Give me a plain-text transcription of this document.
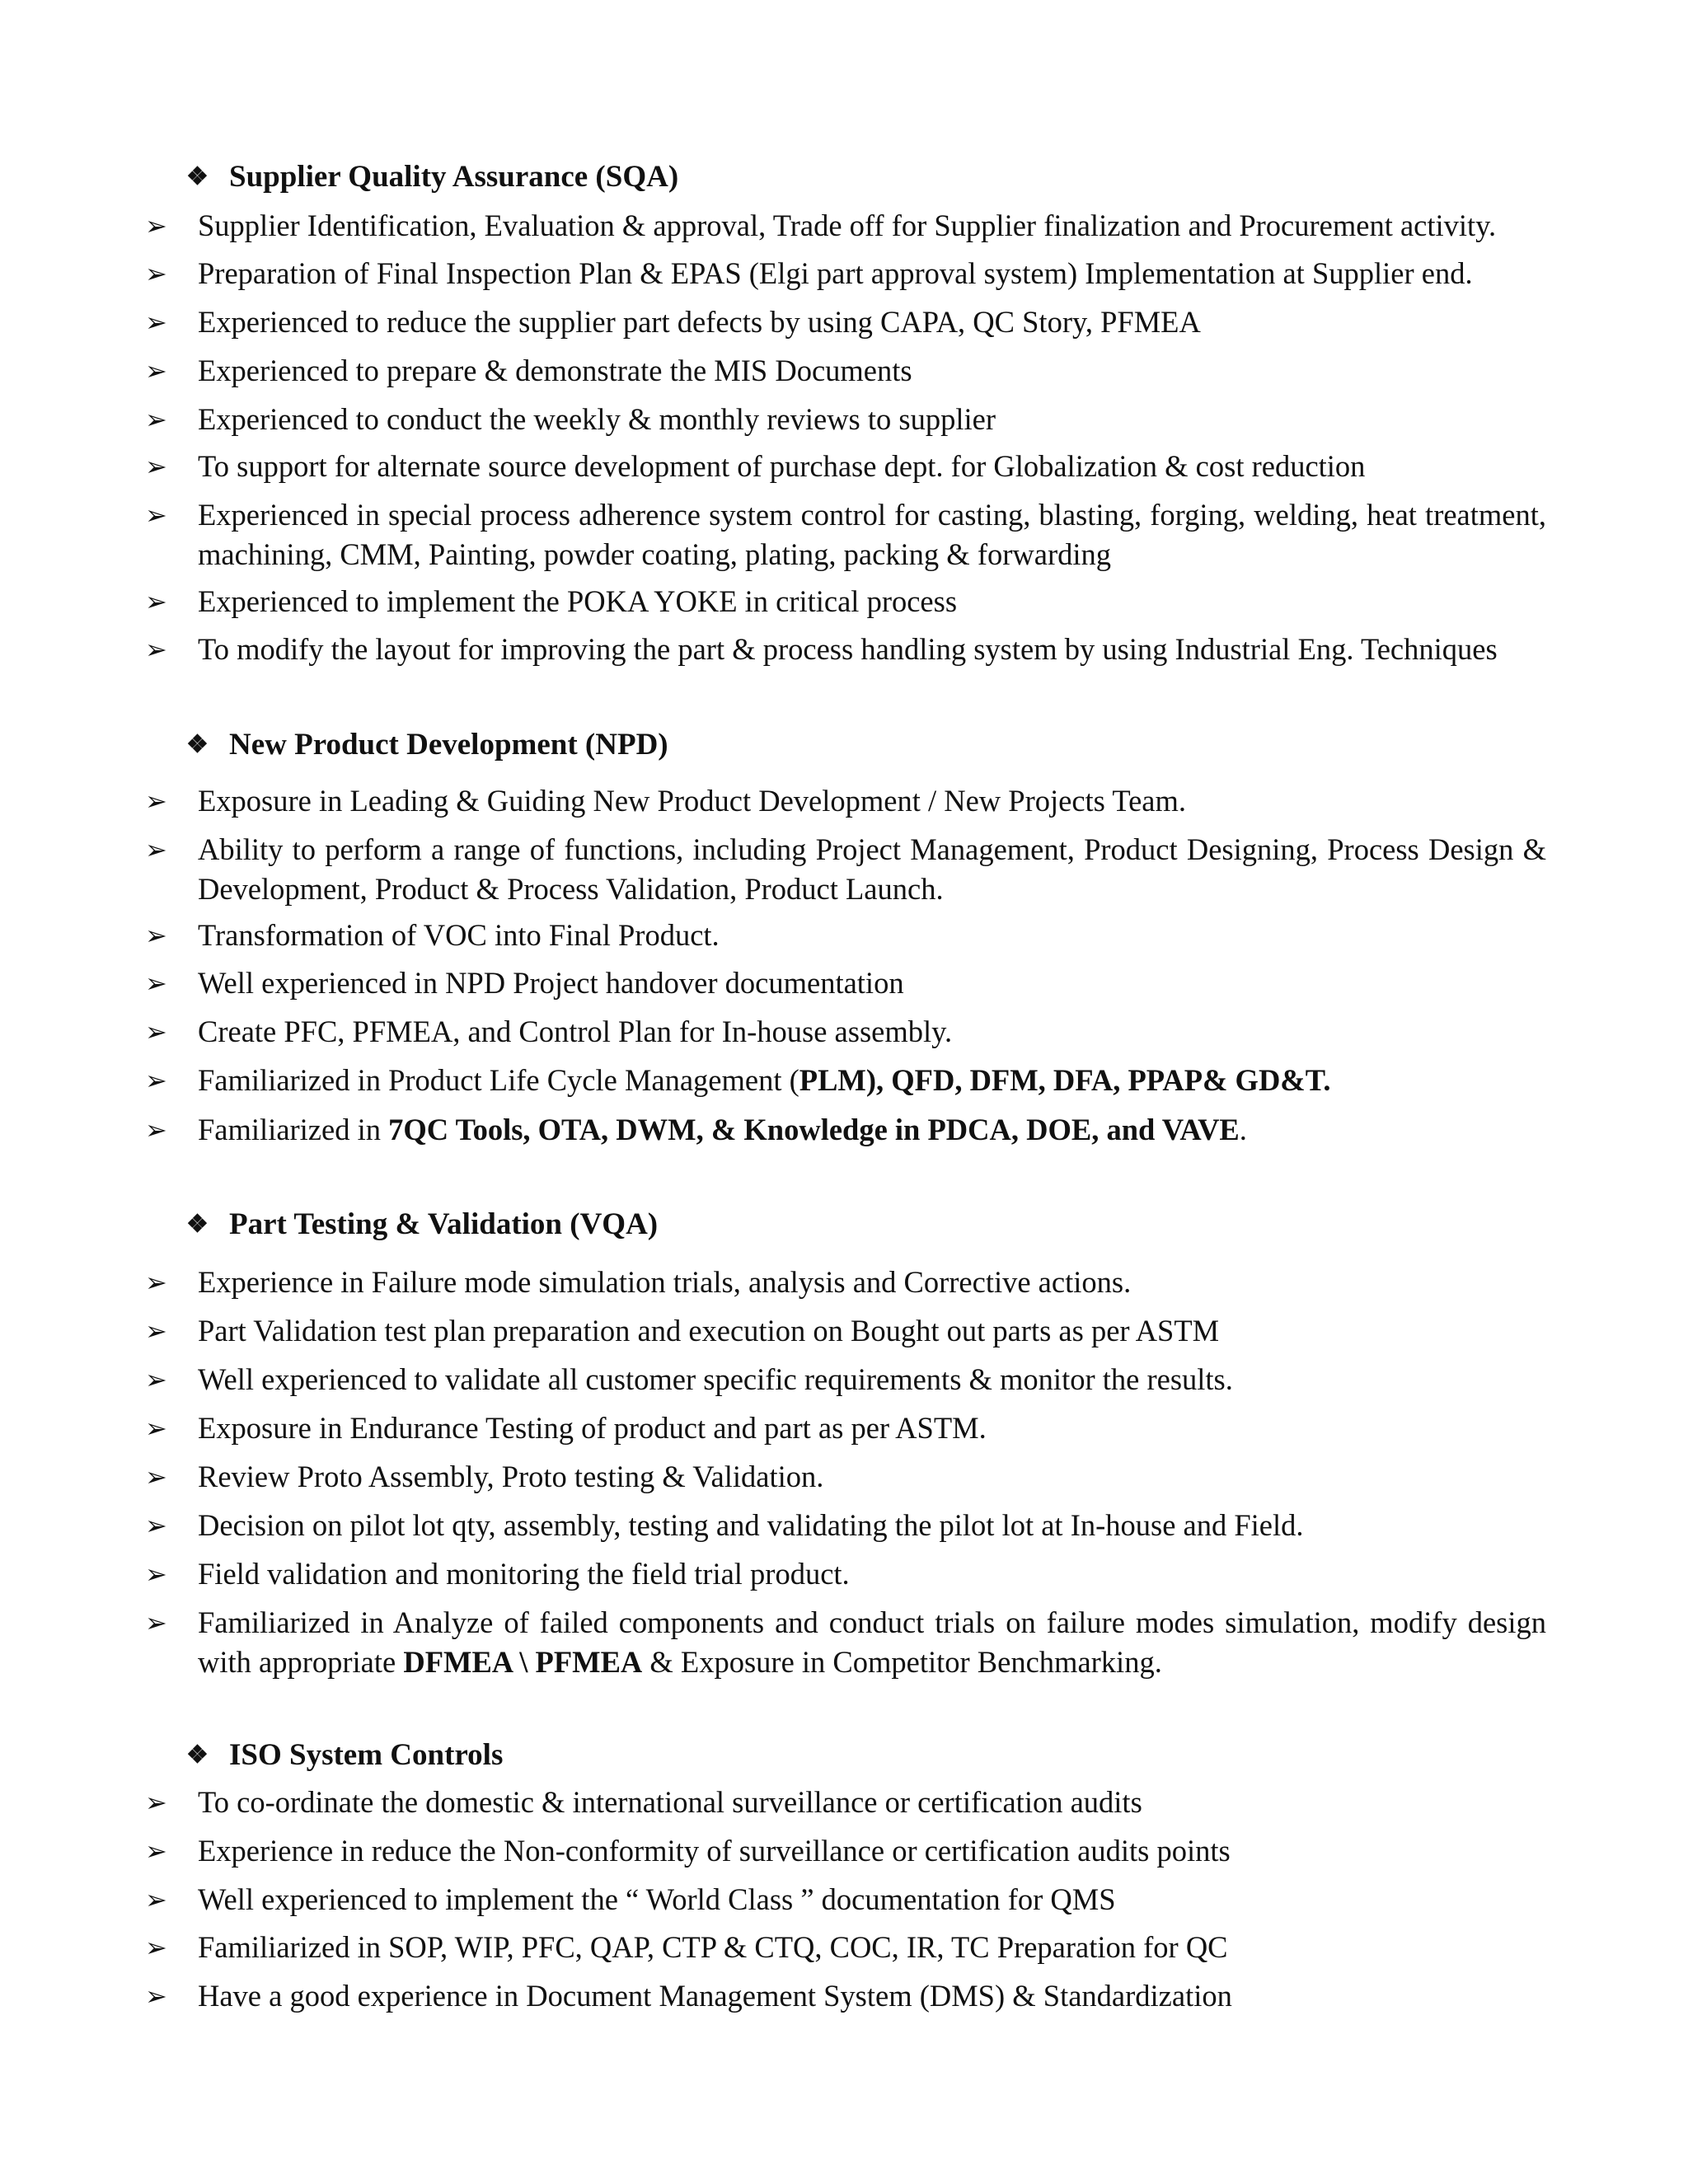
❖ Supplier Quality Assurance (SQA)
➢	Supplier Identification, Evaluation & approval, Trade off for Supplier finalization and Procurement activity.
➢	Preparation of Final Inspection Plan & EPAS (Elgi part approval system) Implementation at Supplier end.
➢	Experienced to reduce the supplier part defects by using CAPA, QC Story, PFMEA
➢	Experienced to prepare & demonstrate the MIS Documents
➢	Experienced to conduct the weekly & monthly reviews to supplier
➢	To support for alternate source development of purchase dept. for Globalization & cost reduction
➢	Experienced in special process adherence system control for casting, blasting, forging, welding, heat treatment, machining, CMM, Painting, powder coating, plating, packing & forwarding
➢	Experienced to implement the POKA YOKE in critical process
➢	To modify the layout for improving the part & process handling system by using Industrial Eng. Techniques
❖ New Product Development (NPD)
➢	Exposure in Leading & Guiding New Product Development / New Projects Team.
➢	Ability to perform a range of functions, including Project Management, Product Designing, Process Design & Development, Product & Process Validation, Product Launch.
➢	Transformation of VOC into Final Product.
➢	Well experienced in NPD Project handover documentation
➢	Create PFC, PFMEA, and Control Plan for In-house assembly.
➢	Familiarized in Product Life Cycle Management (PLM), QFD, DFM, DFA, PPAP& GD&T.
➢	Familiarized in 7QC Tools, OTA, DWM, & Knowledge in PDCA, DOE, and VAVE.
❖ Part Testing & Validation (VQA)
➢	Experience in Failure mode simulation trials, analysis and Corrective actions.
➢	Part Validation test plan preparation and execution on Bought out parts as per ASTM
➢	Well experienced to validate all customer specific requirements & monitor the results.
➢	Exposure in Endurance Testing of product and part as per ASTM.
➢	Review Proto Assembly, Proto testing & Validation.
➢	Decision on pilot lot qty, assembly, testing and validating the pilot lot at In-house and Field.
➢	Field validation and monitoring the field trial product.
➢	Familiarized in Analyze of failed components and conduct trials on failure modes simulation, modify design with appropriate DFMEA \ PFMEA & Exposure in Competitor Benchmarking.
❖ ISO System Controls
➢	To co-ordinate the domestic & international surveillance or certification audits
➢	Experience in reduce the Non-conformity of surveillance or certification audits points
➢	Well experienced to implement the “ World Class ” documentation for QMS
➢	Familiarized in SOP, WIP, PFC, QAP, CTP & CTQ, COC, IR, TC Preparation for QC
➢	Have a good experience in Document Management System (DMS) & Standardization
